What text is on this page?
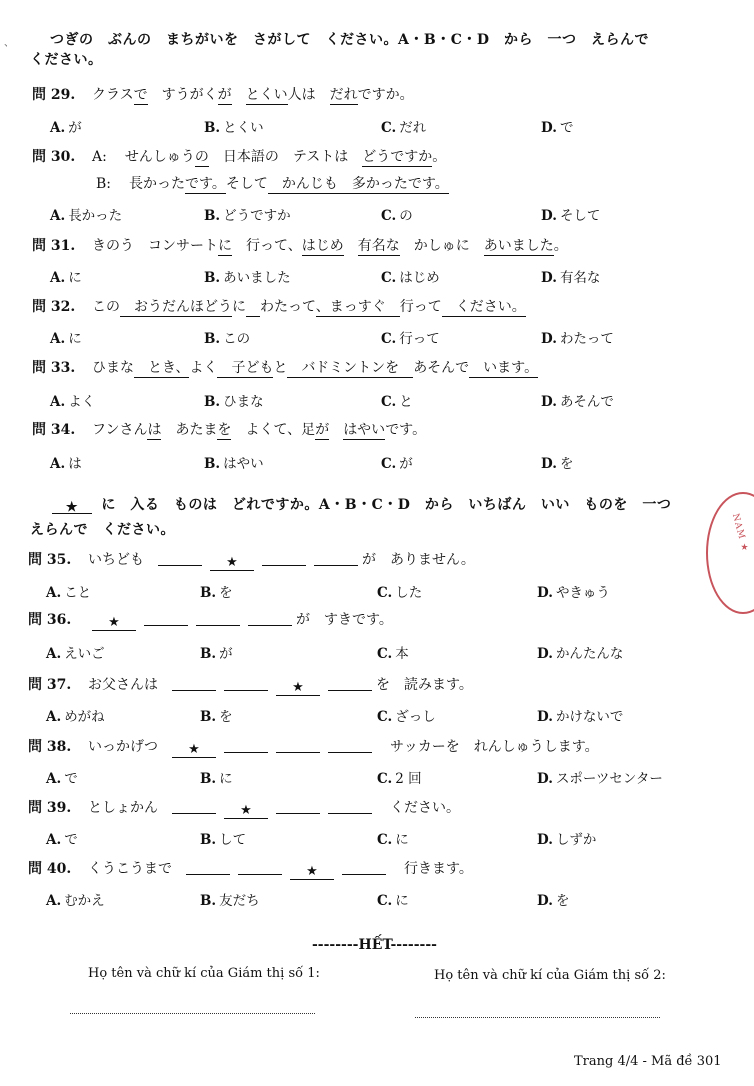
、	つぎの　ぶんの　まちがいを　さがして　ください。A・B・C・D　から　一つ　えらんで
ください。
問 29. クラスで　すうがくが　 とくい人は　だれですか。
A. が	B. とくい	C. だれ	D. で
問 30. A: せんしゅうの　日本語の　テストは　どうですか。
B: 長かったです。そして　かんじも　多かったです。
A. 長かった	B. どうですか	C. の	D. そして
問 31. きのう　コンサートに　行って、はじめ　 有名な　かしゅに　あいました。
A. に	B. あいました	C. はじめ	D. 有名な
問 32. この　おうだんほどうに　 わたって、まっすぐ　行って　ください。
A. に	B. この	C. 行って	D. わたって
問 33. ひまな　とき、よく　子どもと　バドミントンを　あそんで　います。
A. よく	B. ひまな	C. と	D. あそんで
問 34. フンさんは　あたまを　よくて、足が　 はやいです。
A. は	B. はやい	C. が	D. を
★ に　入る　ものは　どれですか。A・B・C・D　から　いちばん　いい　ものを　一つ
えらんで　ください。
問 35. いちども	★	が　ありません。
A. こと	B. を	C. した	D. やきゅう
問 36.	★	が　すきです。
A. えいご	B. が	C. 本	D. かんたんな
問 37. お父さんは	★	を　読みます。
A. めがね	B. を	C. ざっし	D. かけないで
問 38. いっかげつ ★	　サッカーを　れんしゅうします。
A. で	B. に	C. 2 回	D. スポーツセンター
問 39. としょかん	★	　ください。
A. で	B. して	C. に	D. しずか
問 40. くうこうまで	★	　行きます。
A. むかえ	B. 友だち	C. に	D. を
--------HẾT--------
Họ tên và chữ kí của Giám thị số 1:	Họ tên và chữ kí của Giám thị số 2:
Trang 4/4 - Mã đề 301
NAM ★
